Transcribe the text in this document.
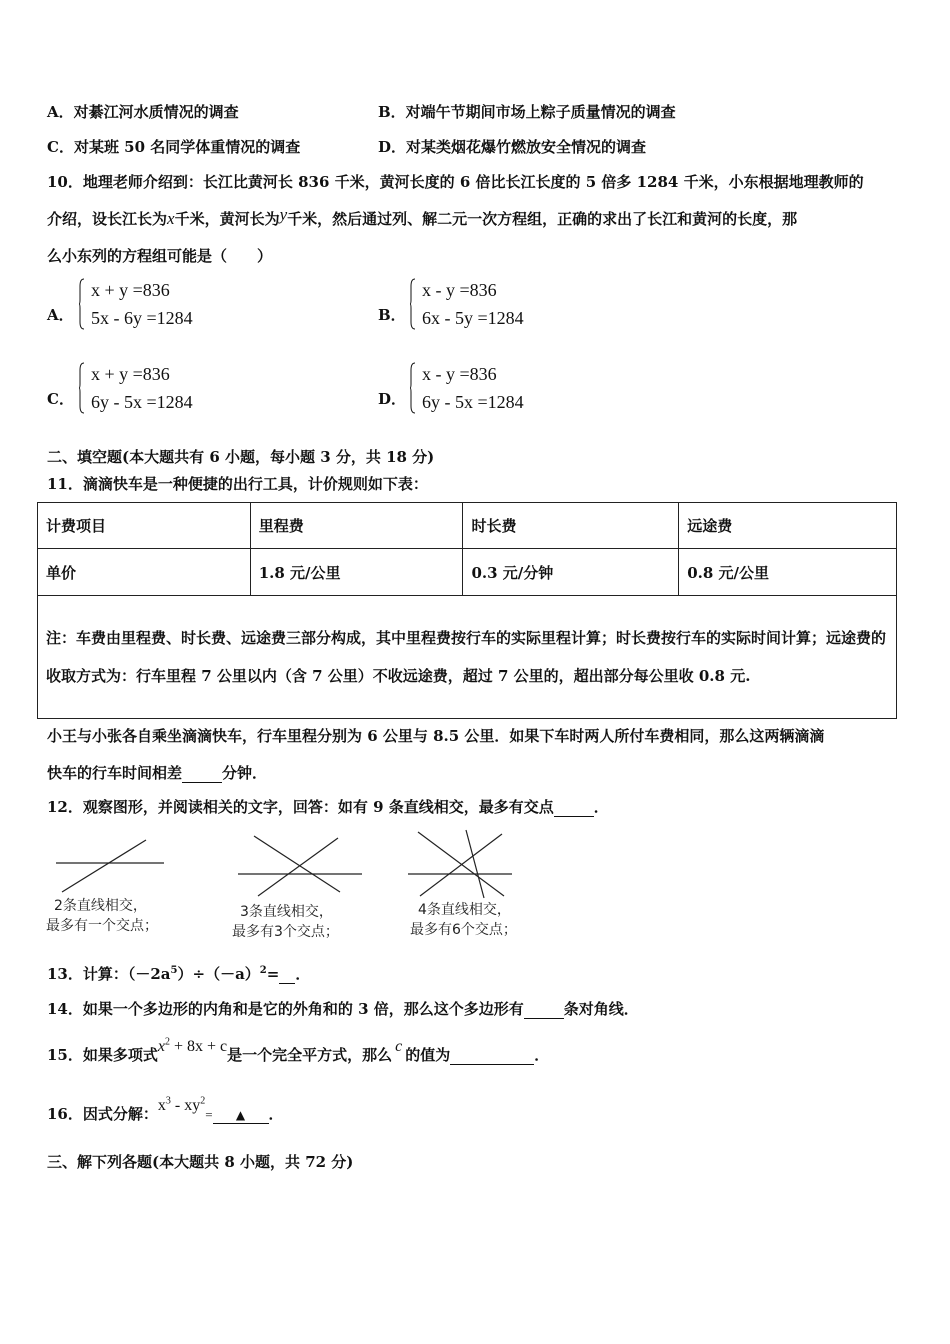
A．对綦江河水质情况的调查	B．对端午节期间市场上粽子质量情况的调查
C．对某班 50 名同学体重情况的调查	D．对某类烟花爆竹燃放安全情况的调查
10．地理老师介绍到：长江比黄河长 836 千米，黄河长度的 6 倍比长江长度的 5 倍多 1284 千米，小东根据地理教师的
介绍，设长江长为x千米，黄河长为y千米，然后通过列、解二元一次方程组，正确的求出了长江和黄河的长度，那
么小东列的方程组可能是（　　）
A．
x + y =836
5x - 6y =1284	B．
x - y =836
6x - 5y =1284
C．
x + y =836
6y - 5x =1284	D．
x - y =836
6y - 5x =1284
二、填空题(本大题共有 6 小题，每小题 3 分，共 18 分)
11．滴滴快车是一种便捷的出行工具，计价规则如下表：
计费项目	里程费	时长费	远途费
单价	1.8 元/公里	0.3 元/分钟	0.8 元/公里
注：车费由里程费、时长费、远途费三部分构成，其中里程费按行车的实际里程计算；时长费按行车的实际时间计算；远途费的收取方式为：行车里程 7 公里以内（含 7 公里）不收远途费，超过 7 公里的，超出部分每公里收 0.8 元.			
小王与小张各自乘坐滴滴快车，行车里程分别为 6 公里与 8.5 公里．如果下车时两人所付车费相同，那么这两辆滴滴
快车的行车时间相差	分钟．
12．观察图形，并阅读相关的文字，回答：如有 9 条直线相交，最多有交点	．
2条直线相交，
最多有一个交点；
3条直线相交，
最多有3个交点；
4条直线相交，
最多有6个交点；
13．计算：$(-2a^5)\div(-a)^2=$ ．
14．如果一个多边形的内角和是它的外角和的 3 倍，那么这个多边形有	条对角线．
15．如果多项式$x^2 + 8x + c$是一个完全平方式，那么 c 的值为	．
16．因式分解：$x^3 - xy^2=$ ▲ ．
三、解下列各题(本大题共 8 小题，共 72 分)
